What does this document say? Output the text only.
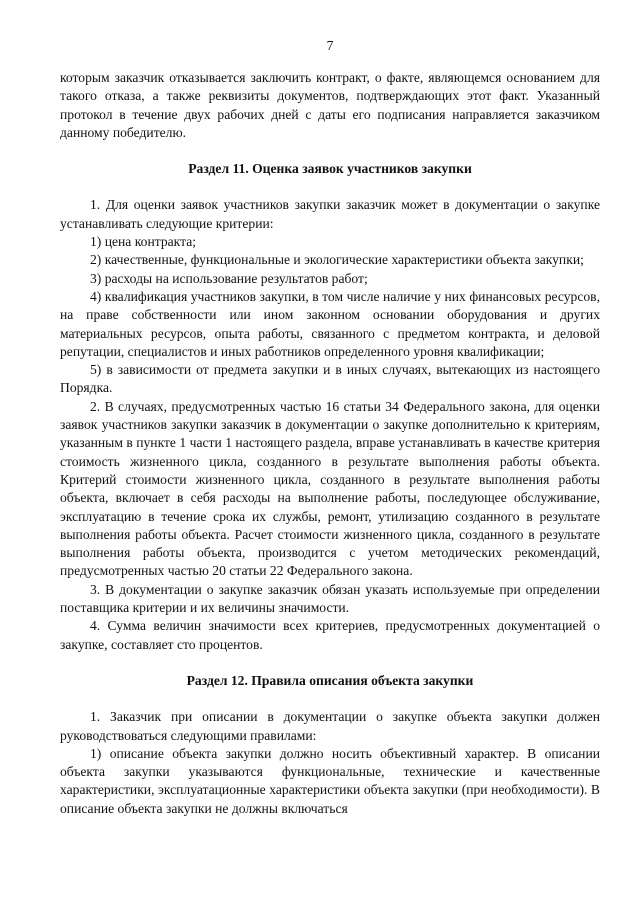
7

которым заказчик отказывается заключить контракт, о факте, являющемся основанием для такого отказа, а также реквизиты документов, подтверждающих этот факт. Указанный протокол в течение двух рабочих дней с даты его подписания направляется заказчиком данному победителю.

Раздел 11. Оценка заявок участников закупки

1. Для оценки заявок участников закупки заказчик может в документации о закупке устанавливать следующие критерии:

1) цена контракта;

2) качественные, функциональные и экологические характеристики объекта закупки;

3) расходы на использование результатов работ;

4) квалификация участников закупки, в том числе наличие у них финансовых ресурсов, на праве собственности или ином законном основании оборудования и других материальных ресурсов, опыта работы, связанного с предметом контракта, и деловой репутации, специалистов и иных работников определенного уровня квалификации;

5) в зависимости от предмета закупки и в иных случаях, вытекающих из настоящего Порядка.

2. В случаях, предусмотренных частью 16 статьи 34 Федерального закона, для оценки заявок участников закупки заказчик в документации о закупке дополнительно к критериям, указанным в пункте 1 части 1 настоящего раздела, вправе устанавливать в качестве критерия стоимость жизненного цикла, созданного в результате выполнения работы объекта. Критерий стоимости жизненного цикла, созданного в результате выполнения работы объекта, включает в себя расходы на выполнение работы, последующее обслуживание, эксплуатацию в течение срока их службы, ремонт, утилизацию созданного в результате выполнения работы объекта. Расчет стоимости жизненного цикла, созданного в результате выполнения работы объекта, производится с учетом методических рекомендаций, предусмотренных частью 20 статьи 22 Федерального закона.

3. В документации о закупке заказчик обязан указать используемые при определении поставщика критерии и их величины значимости.

4. Сумма величин значимости всех критериев, предусмотренных документацией о закупке, составляет сто процентов.

Раздел 12. Правила описания объекта закупки

1. Заказчик при описании в документации о закупке объекта закупки должен руководствоваться следующими правилами:

1) описание объекта закупки должно носить объективный характер. В описании объекта закупки указываются функциональные, технические и качественные характеристики, эксплуатационные характеристики объекта закупки (при необходимости). В описание объекта закупки не должны включаться
